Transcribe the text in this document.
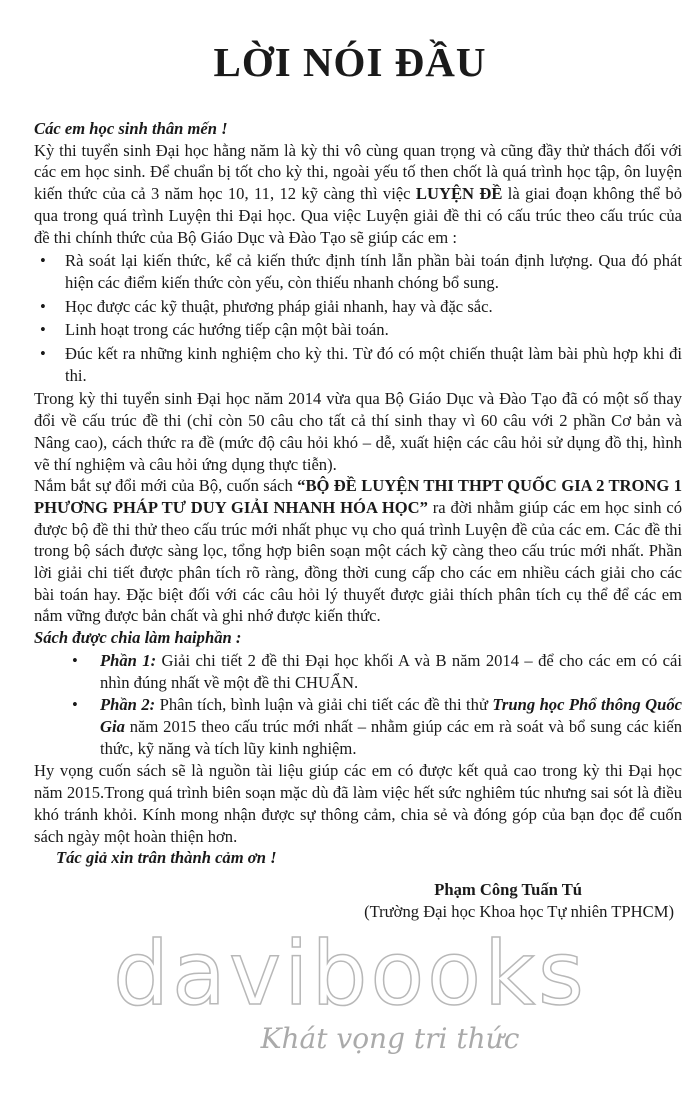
LỜI NÓI ĐẦU

Các em học sinh thân mến !

Kỳ thi tuyển sinh Đại học hằng năm là kỳ thi vô cùng quan trọng và cũng đầy thử thách đối với các em học sinh. Để chuẩn bị tốt cho kỳ thi, ngoài yếu tố then chốt là quá trình học tập, ôn luyện kiến thức của cả 3 năm học 10, 11, 12 kỹ càng thì việc LUYỆN ĐỀ là giai đoạn không thể bỏ qua trong quá trình Luyện thi Đại học. Qua việc Luyện giải đề thi có cấu trúc theo cấu trúc của đề thi chính thức của Bộ Giáo Dục và Đào Tạo sẽ giúp các em :

• Rà soát lại kiến thức, kể cả kiến thức định tính lẫn phần bài toán định lượng. Qua đó phát hiện các điểm kiến thức còn yếu, còn thiếu nhanh chóng bổ sung.
• Học được các kỹ thuật, phương pháp giải nhanh, hay và đặc sắc.
• Linh hoạt trong các hướng tiếp cận một bài toán.
• Đúc kết ra những kinh nghiệm cho kỳ thi. Từ đó có một chiến thuật làm bài phù hợp khi đi thi.

Trong kỳ thi tuyển sinh Đại học năm 2014 vừa qua Bộ Giáo Dục và Đào Tạo đã có một số thay đổi về cấu trúc đề thi (chỉ còn 50 câu cho tất cả thí sinh thay vì 60 câu với 2 phần Cơ bản và Nâng cao), cách thức ra đề (mức độ câu hỏi khó – dễ, xuất hiện các câu hỏi sử dụng đồ thị, hình vẽ thí nghiệm và câu hỏi ứng dụng thực tiễn).

Nắm bắt sự đổi mới của Bộ, cuốn sách “BỘ ĐỀ LUYỆN THI THPT QUỐC GIA 2 TRONG 1 PHƯƠNG PHÁP TƯ DUY GIẢI NHANH HÓA HỌC” ra đời nhằm giúp các em học sinh có được bộ đề thi thử theo cấu trúc mới nhất phục vụ cho quá trình Luyện đề của các em. Các đề thi trong bộ sách được sàng lọc, tổng hợp biên soạn một cách kỹ càng theo cấu trúc mới nhất. Phần lời giải chi tiết được phân tích rõ ràng, đồng thời cung cấp cho các em nhiều cách giải cho các bài toán hay. Đặc biệt đối với các câu hỏi lý thuyết được giải thích phân tích cụ thể để các em nắm vững được bản chất và ghi nhớ được kiến thức.

Sách được chia làm haiphần :

• Phần 1: Giải chi tiết 2 đề thi Đại học khối A và B năm 2014 – để cho các em có cái nhìn đúng nhất về một đề thi CHUẨN.
• Phần 2: Phân tích, bình luận và giải chi tiết các đề thi thử Trung học Phổ thông Quốc Gia năm 2015 theo cấu trúc mới nhất – nhằm giúp các em rà soát và bổ sung các kiến thức, kỹ năng và tích lũy kinh nghiệm.

Hy vọng cuốn sách sẽ là nguồn tài liệu giúp các em có được kết quả cao trong kỳ thi Đại học năm 2015.Trong quá trình biên soạn mặc dù đã làm việc hết sức nghiêm túc nhưng sai sót là điều khó tránh khỏi. Kính mong nhận được sự thông cảm, chia sẻ và đóng góp của bạn đọc để cuốn sách ngày một hoàn thiện hơn.

Tác giả xin trân thành cảm ơn !

Phạm Công Tuấn Tú

(Trường Đại học Khoa học Tự nhiên TPHCM)

davibooks
Khát vọng tri thức
